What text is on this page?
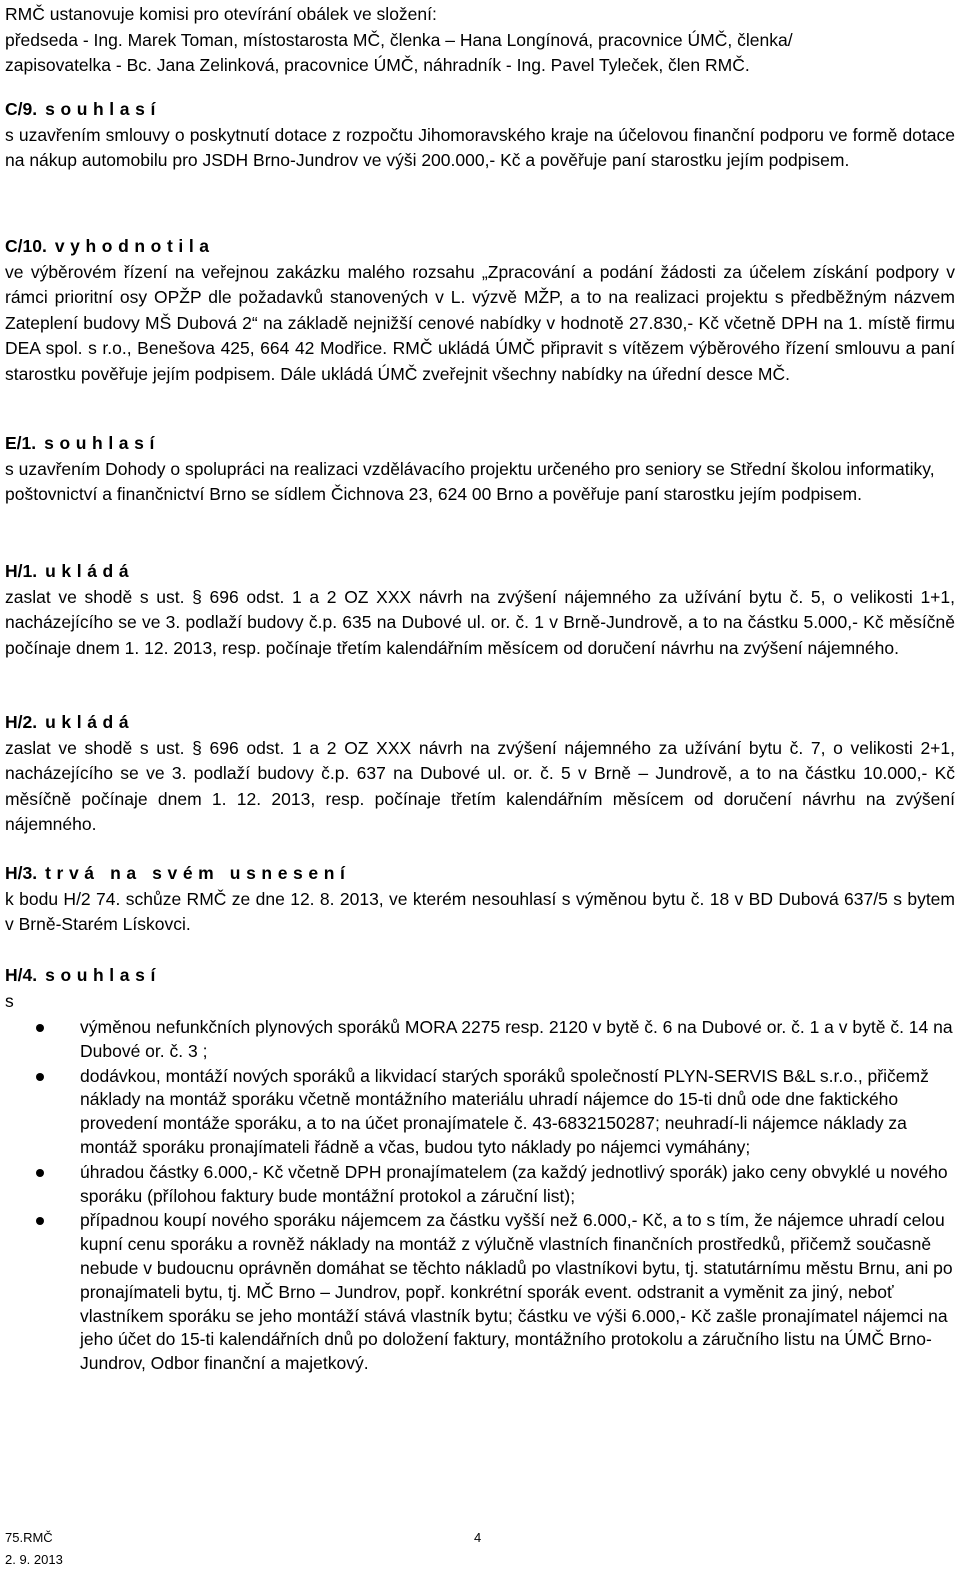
RMČ ustanovuje komisi pro otevírání obálek ve složení:
předseda - Ing. Marek Toman, místostarosta MČ, členka – Hana Longínová, pracovnice ÚMČ, členka/
zapisovatelka - Bc. Jana Zelinková, pracovnice ÚMČ, náhradník - Ing. Pavel Tyleček, člen RMČ.
C/9. souhlasí
s uzavřením smlouvy o poskytnutí dotace z rozpočtu Jihomoravského kraje na účelovou finanční podporu ve formě dotace na nákup automobilu pro JSDH Brno-Jundrov ve výši 200.000,- Kč a pověřuje paní starostku jejím podpisem.
C/10. vyhodnotila
ve výběrovém řízení na veřejnou zakázku malého rozsahu „Zpracování a podání žádosti za účelem získání podpory v rámci prioritní osy OPŽP dle požadavků stanovených v L. výzvě MŽP, a to na realizaci projektu s předběžným názvem Zateplení budovy MŠ Dubová 2“ na základě nejnižší cenové nabídky v hodnotě 27.830,- Kč včetně DPH na 1. místě firmu DEA spol. s r.o., Benešova 425, 664 42 Modřice. RMČ ukládá ÚMČ připravit s vítězem výběrového řízení smlouvu a paní starostku pověřuje jejím podpisem. Dále ukládá ÚMČ zveřejnit všechny nabídky na úřední desce MČ.
E/1. souhlasí
s uzavřením Dohody o spolupráci na realizaci vzdělávacího projektu určeného pro seniory se Střední školou informatiky, poštovnictví a finančnictví Brno se sídlem Čichnova 23, 624 00 Brno a pověřuje paní starostku jejím podpisem.
H/1. ukládá
zaslat ve shodě s ust. § 696 odst. 1 a 2 OZ XXX návrh na zvýšení nájemného za užívání bytu č. 5, o velikosti 1+1, nacházejícího se ve 3. podlaží budovy č.p. 635 na Dubové ul. or. č. 1 v Brně-Jundrově, a to na částku 5.000,- Kč měsíčně počínaje dnem 1. 12. 2013, resp. počínaje třetím kalendářním měsícem od doručení návrhu na zvýšení nájemného.
H/2. ukládá
zaslat ve shodě s ust. § 696 odst. 1 a 2 OZ XXX návrh na zvýšení nájemného za užívání bytu č. 7, o velikosti 2+1, nacházejícího se ve 3. podlaží budovy č.p. 637 na Dubové ul. or. č. 5 v Brně – Jundrově, a to na částku 10.000,- Kč měsíčně počínaje dnem 1. 12. 2013, resp. počínaje třetím kalendářním měsícem od doručení návrhu na zvýšení nájemného.
H/3. trvá na svém usnesení
k bodu H/2 74. schůze RMČ ze dne 12. 8. 2013, ve kterém nesouhlasí s výměnou bytu č. 18 v BD Dubová 637/5 s bytem v Brně-Starém Lískovci.
H/4. souhlasí
s
výměnou nefunkčních plynových sporáků MORA 2275 resp. 2120 v bytě č. 6 na Dubové or. č. 1 a v bytě č. 14 na Dubové or. č. 3 ;
dodávkou, montáží nových sporáků a likvidací starých sporáků společností PLYN-SERVIS B&L s.r.o., přičemž náklady na montáž sporáku včetně montážního materiálu uhradí nájemce do 15-ti dnů ode dne faktického provedení montáže sporáku, a to na účet pronajímatele č. 43-6832150287; neuhradí-li nájemce náklady za montáž sporáku pronajímateli řádně a včas, budou tyto náklady po nájemci vymáhány;
úhradou částky 6.000,- Kč včetně DPH pronajímatelem (za každý jednotlivý sporák) jako ceny obvyklé u nového sporáku (přílohou faktury bude montážní protokol a záruční list);
případnou koupí nového sporáku nájemcem za částku vyšší než 6.000,- Kč, a to s tím, že nájemce uhradí celou kupní cenu sporáku a rovněž náklady na montáž z výlučně vlastních finančních prostředků, přičemž současně nebude v budoucnu oprávněn domáhat se těchto nákladů po vlastníkovi bytu, tj. statutárnímu městu Brnu, ani po pronajímateli bytu, tj. MČ Brno – Jundrov, popř. konkrétní sporák event. odstranit a vyměnit za jiný, neboť vlastníkem sporáku se jeho montáží stává vlastník bytu; částku ve výši 6.000,- Kč zašle pronajímatel nájemci na jeho účet do 15-ti kalendářních dnů po doložení faktury, montážního protokolu a záručního listu na ÚMČ Brno-Jundrov, Odbor finanční a majetkový.
75.RMČ	4
2. 9. 2013
